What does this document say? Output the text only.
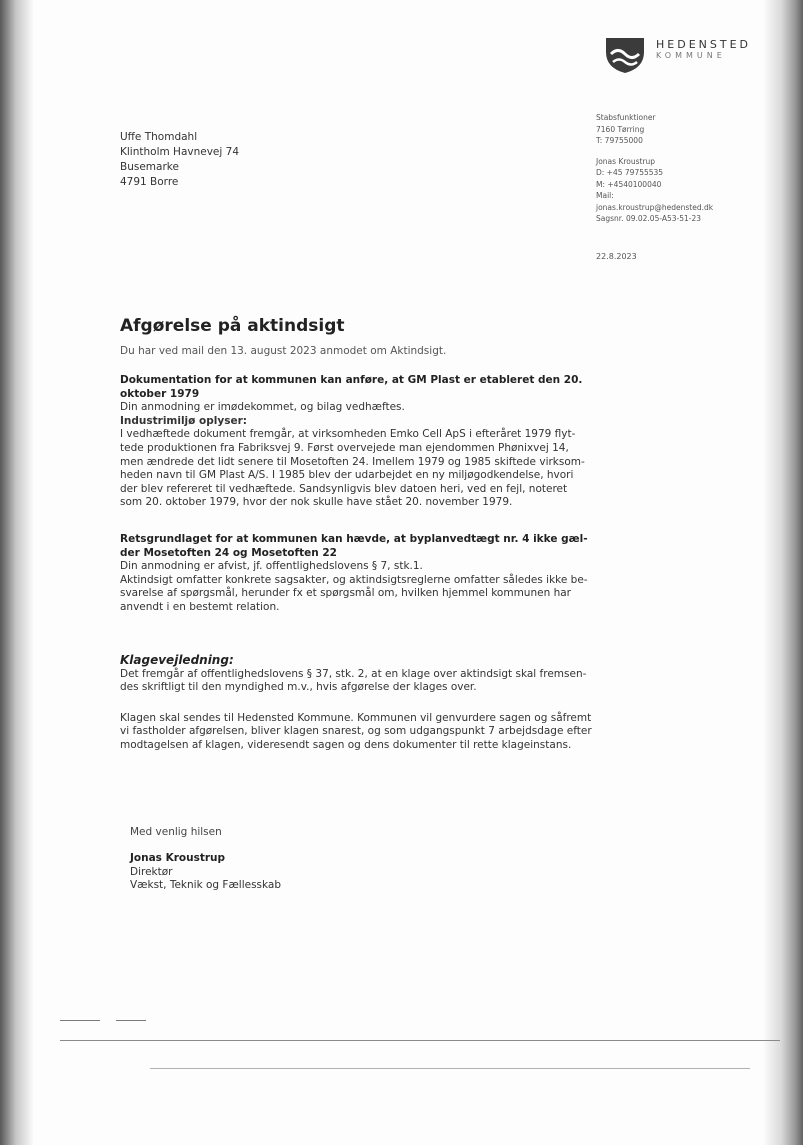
HEDENSTED
KOMMUNE
Uffe Thomdahl
Klintholm Havnevej 74
Busemarke
4791 Borre
Stabsfunktioner
7160 Tørring
T: 79755000
Jonas Kroustrup
D: +45 79755535
M: +4540100040
Mail:
jonas.kroustrup@hedensted.dk
Sagsnr. 09.02.05-A53-51-23
22.8.2023
Afgørelse på aktindsigt
Du har ved mail den 13. august 2023 anmodet om Aktindsigt.
Dokumentation for at kommunen kan anføre, at GM Plast er etableret den 20.
oktober 1979
Din anmodning er imødekommet, og bilag vedhæftes.
Industrimiljø oplyser:
I vedhæftede dokument fremgår, at virksomheden Emko Cell ApS i efteråret 1979 flyt-
tede produktionen fra Fabriksvej 9. Først overvejede man ejendommen Phønixvej 14,
men ændrede det lidt senere til Mosetoften 24. Imellem 1979 og 1985 skiftede virksom-
heden navn til GM Plast A/S. I 1985 blev der udarbejdet en ny miljøgodkendelse, hvori
der blev refereret til vedhæftede. Sandsynligvis blev datoen heri, ved en fejl, noteret
som 20. oktober 1979, hvor der nok skulle have stået 20. november 1979.
Retsgrundlaget for at kommunen kan hævde, at byplanvedtægt nr. 4 ikke gæl-
der Mosetoften 24 og Mosetoften 22
Din anmodning er afvist, jf. offentlighedslovens § 7, stk.1.
Aktindsigt omfatter konkrete sagsakter, og aktindsigtsreglerne omfatter således ikke be-
svarelse af spørgsmål, herunder fx et spørgsmål om, hvilken hjemmel kommunen har
anvendt i en bestemt relation.
Klagevejledning:
Det fremgår af offentlighedslovens § 37, stk. 2, at en klage over aktindsigt skal fremsen-
des skriftligt til den myndighed m.v., hvis afgørelse der klages over.
Klagen skal sendes til Hedensted Kommune. Kommunen vil genvurdere sagen og såfremt
vi fastholder afgørelsen, bliver klagen snarest, og som udgangspunkt 7 arbejdsdage efter
modtagelsen af klagen, videresendt sagen og dens dokumenter til rette klageinstans.
Med venlig hilsen
Jonas Kroustrup
Direktør
Vækst, Teknik og Fællesskab
